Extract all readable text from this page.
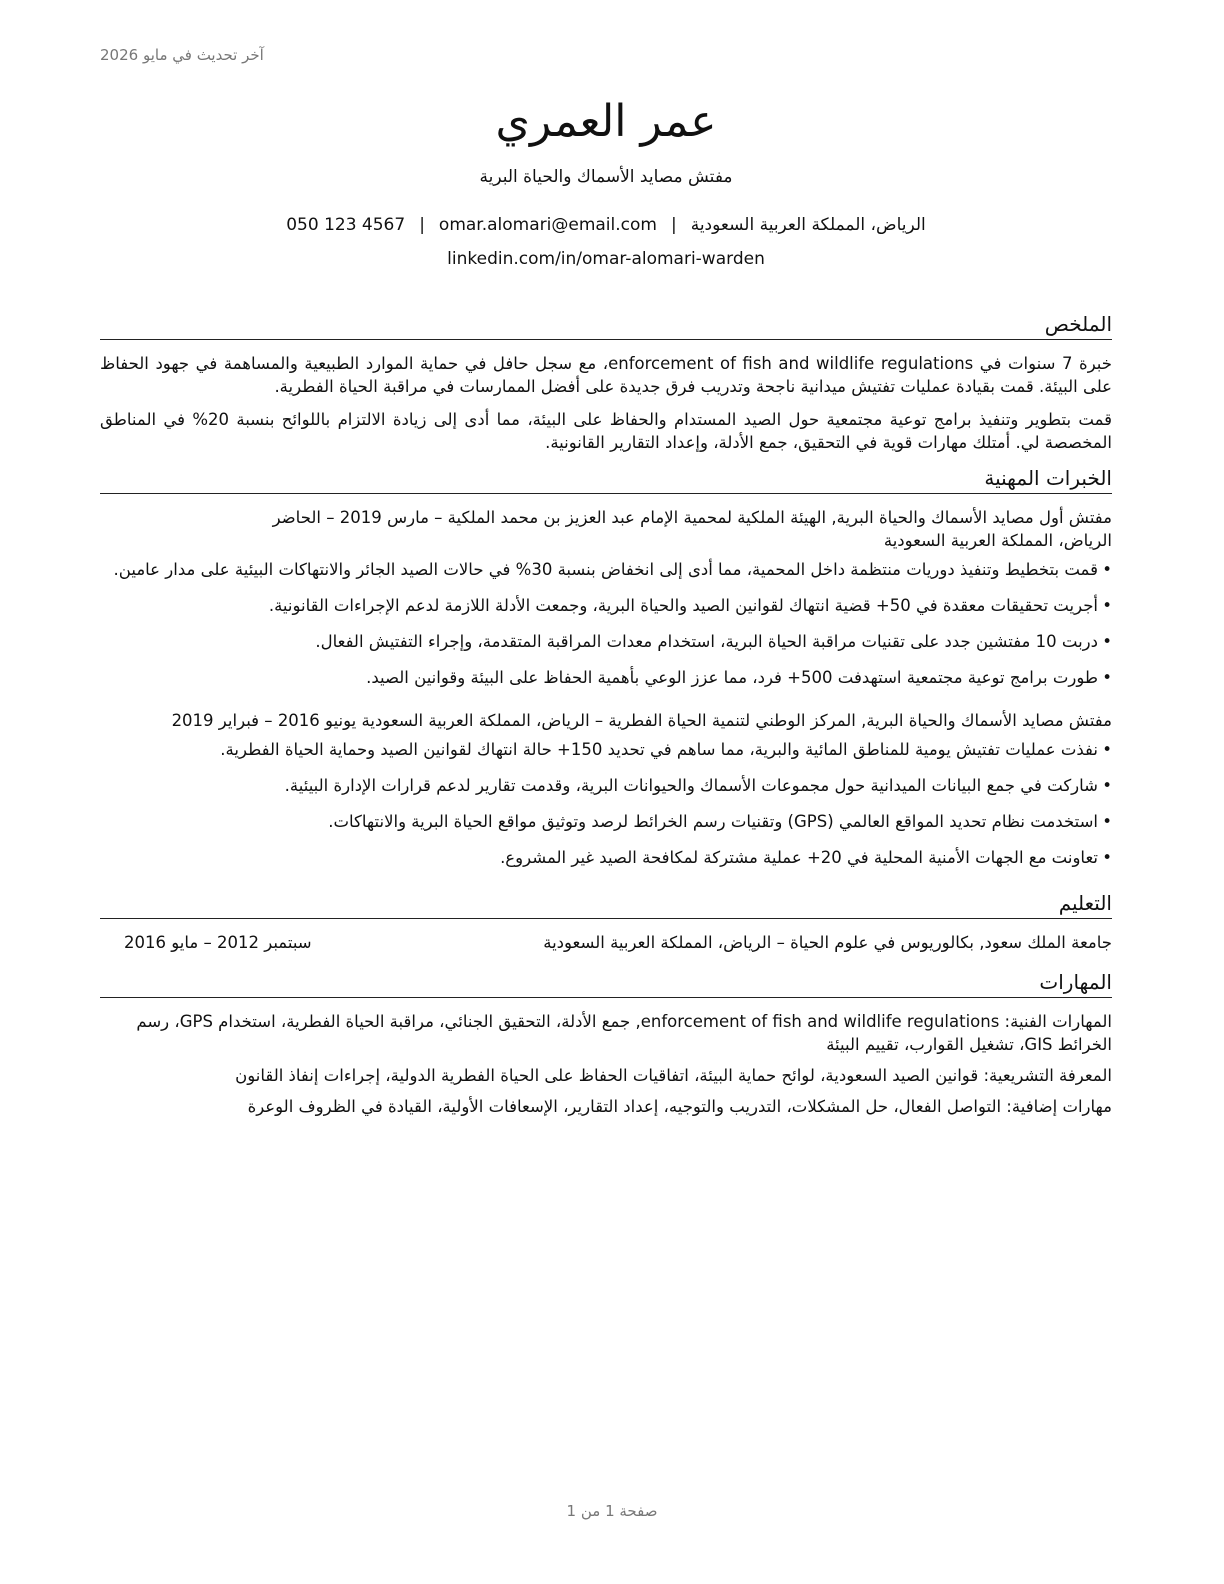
آخر تحديث في مايو 2026
عمر العمري
مفتش مصايد الأسماك والحياة البرية
الرياض، المملكة العربية السعودية|omar.alomari@email.com|050 123 4567
linkedin.com/in/omar-alomari-warden
الملخص

خبرة 7 سنوات في enforcement of fish and wildlife regulations، مع سجل حافل في حماية الموارد الطبيعية والمساهمة في جهود الحفاظ على البيئة. قمت بقيادة عمليات تفتيش ميدانية ناجحة وتدريب فرق جديدة على أفضل الممارسات في مراقبة الحياة الفطرية.

قمت بتطوير وتنفيذ برامج توعية مجتمعية حول الصيد المستدام والحفاظ على البيئة، مما أدى إلى زيادة الالتزام باللوائح بنسبة 20% في المناطق المخصصة لي. أمتلك مهارات قوية في التحقيق، جمع الأدلة، وإعداد التقارير القانونية.

الخبرات المهنية
مفتش أول مصايد الأسماك والحياة البرية, الهيئة الملكية لمحمية الإمام عبد العزيز بن محمد الملكية – مارس 2019 – الحاضر
الرياض، المملكة العربية السعودية
•
قمت بتخطيط وتنفيذ دوريات منتظمة داخل المحمية، مما أدى إلى انخفاض بنسبة 30% في حالات الصيد الجائر والانتهاكات البيئية على مدار عامين.
•
أجريت تحقيقات معقدة في 50+ قضية انتهاك لقوانين الصيد والحياة البرية، وجمعت الأدلة اللازمة لدعم الإجراءات القانونية.
•
دربت 10 مفتشين جدد على تقنيات مراقبة الحياة البرية، استخدام معدات المراقبة المتقدمة، وإجراء التفتيش الفعال.
•
طورت برامج توعية مجتمعية استهدفت 500+ فرد، مما عزز الوعي بأهمية الحفاظ على البيئة وقوانين الصيد.
مفتش مصايد الأسماك والحياة البرية, المركز الوطني لتنمية الحياة الفطرية – الرياض، المملكة العربية السعودية يونيو 2016 – فبراير 2019
•
نفذت عمليات تفتيش يومية للمناطق المائية والبرية، مما ساهم في تحديد 150+ حالة انتهاك لقوانين الصيد وحماية الحياة الفطرية.
•
شاركت في جمع البيانات الميدانية حول مجموعات الأسماك والحيوانات البرية، وقدمت تقارير لدعم قرارات الإدارة البيئية.
•
استخدمت نظام تحديد المواقع العالمي (GPS) وتقنيات رسم الخرائط لرصد وتوثيق مواقع الحياة البرية والانتهاكات.
•
تعاونت مع الجهات الأمنية المحلية في 20+ عملية مشتركة لمكافحة الصيد غير المشروع.
التعليم
جامعة الملك سعود, بكالوريوس في علوم الحياة – الرياض، المملكة العربية السعودية
سبتمبر 2012 – مايو 2016
المهارات

المهارات الفنية: enforcement of fish and wildlife regulations, جمع الأدلة، التحقيق الجنائي، مراقبة الحياة الفطرية، استخدام GPS، رسم الخرائط GIS، تشغيل القوارب، تقييم البيئة

المعرفة التشريعية: قوانين الصيد السعودية، لوائح حماية البيئة، اتفاقيات الحفاظ على الحياة الفطرية الدولية، إجراءات إنفاذ القانون

مهارات إضافية: التواصل الفعال، حل المشكلات، التدريب والتوجيه، إعداد التقارير، الإسعافات الأولية، القيادة في الظروف الوعرة

صفحة 1 من 1
